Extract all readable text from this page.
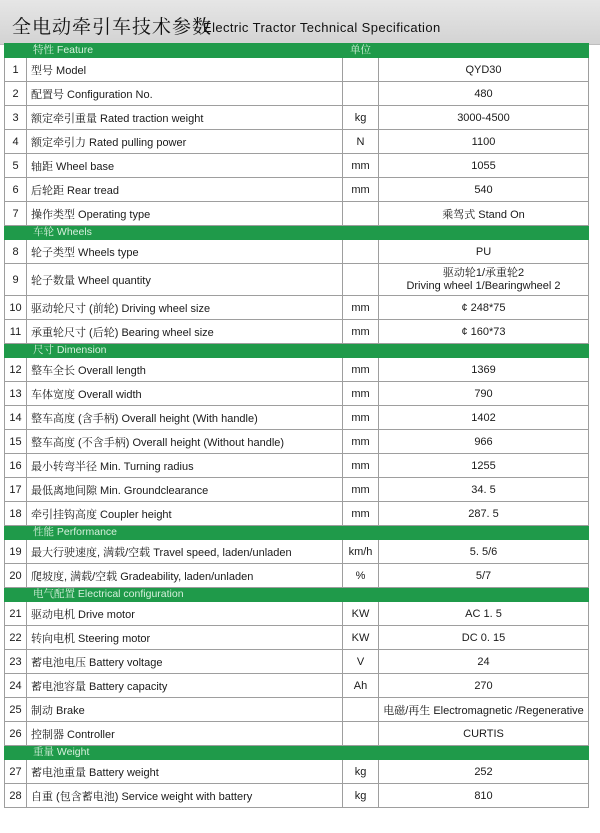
全电动牵引车技术参数
Electric Tractor Technical Specification
	特性 Feature	单位	
1	型号 Model		QYD30
2	配置号 Configuration No.		480
3	额定牵引重量 Rated traction weight	kg	3000-4500
4	额定牵引力 Rated pulling power	N	1100
5	轴距 Wheel base	mm	1055
6	后轮距 Rear tread	mm	540
7	操作类型 Operating type		乘驾式 Stand On
	车轮 Wheels		
8	轮子类型 Wheels type		PU
9	轮子数量 Wheel quantity		驱动轮1/承重轮2
Driving wheel 1/Bearingwheel 2

10	驱动轮尺寸 (前轮) Driving wheel size	mm	¢ 248*75
11	承重轮尺寸 (后轮) Bearing wheel size	mm	¢ 160*73
	尺寸 Dimension		
12	整车全长 Overall length	mm	1369
13	车体宽度 Overall width	mm	790
14	整车高度 (含手柄) Overall height (With handle)	mm	1402
15	整车高度 (不含手柄) Overall height (Without handle)	mm	966
16	最小转弯半径 Min. Turning radius	mm	1255
17	最低离地间隙 Min. Groundclearance	mm	34. 5
18	牵引挂钩高度 Coupler height	mm	287. 5
	性能 Performance		
19	最大行驶速度, 满载/空载 Travel speed, laden/unladen	km/h	5. 5/6
20	爬坡度, 满载/空载 Gradeability, laden/unladen	%	5/7
	电气配置 Electrical configuration		
21	驱动电机 Drive motor	KW	AC 1. 5
22	转向电机 Steering motor	KW	DC 0. 15
23	蓄电池电压 Battery voltage	V	24
24	蓄电池容量 Battery capacity	Ah	270
25	制动 Brake		电磁/再生 Electromagnetic /Regenerative
26	控制器 Controller		CURTIS
	重量 Weight		
27	蓄电池重量 Battery weight	kg	252
28	自重 (包含蓄电池) Service weight with battery	kg	810
